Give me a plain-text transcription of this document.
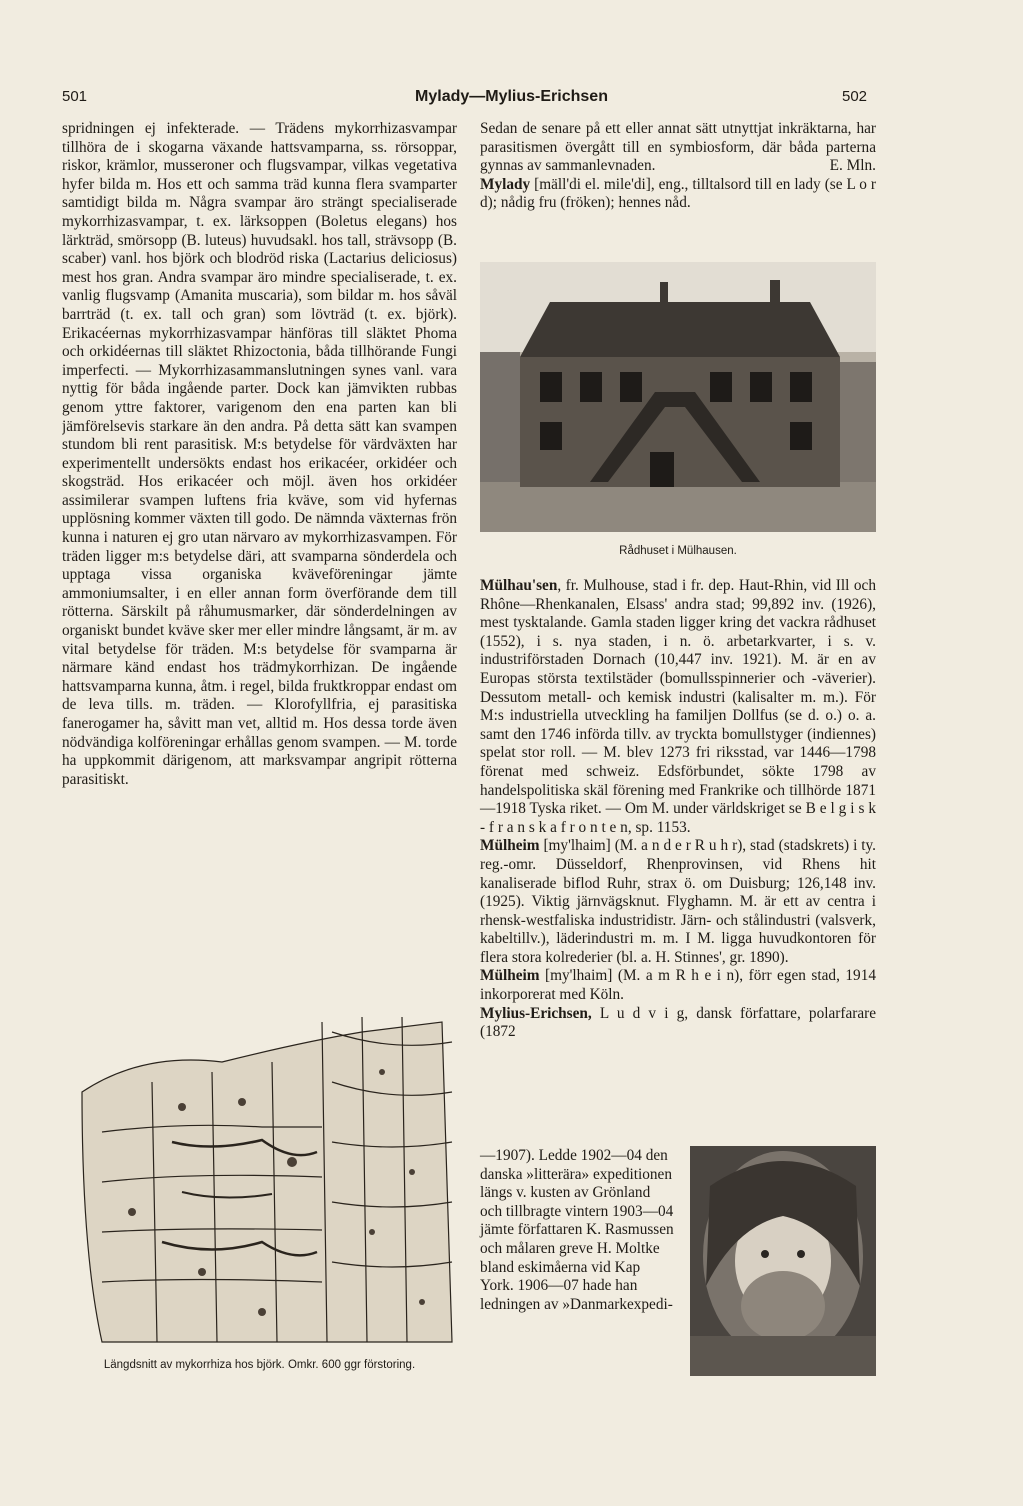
501	Mylady—Mylius-Erichsen	502

spridningen ej infekterade. — Trädens mykorrhizasvampar tillhöra de i skogarna växande hattsvamparna, ss. rörsoppar, riskor, krämlor, musseroner och flugsvampar, vilkas vegetativa hyfer bilda m. Hos ett och samma träd kunna flera svamparter samtidigt bilda m. Några svampar äro strängt specialiserade mykorrhizasvampar, t. ex. lärksoppen (Boletus elegans) hos lärkträd, smörsopp (B. luteus) huvudsakl. hos tall, strävsopp (B. scaber) vanl. hos björk och blodröd riska (Lactarius deliciosus) mest hos gran. Andra svampar äro mindre specialiserade, t. ex. vanlig flugsvamp (Amanita muscaria), som bildar m. hos såväl barrträd (t. ex. tall och gran) som lövträd (t. ex. björk). Erikacéernas mykorrhizasvampar hänföras till släktet Phoma och orkidéernas till släktet Rhizoctonia, båda tillhörande Fungi imperfecti. — Mykorrhizasammanslutningen synes vanl. vara nyttig för båda ingående parter. Dock kan jämvikten rubbas genom yttre faktorer, varigenom den ena parten kan bli jämförelsevis starkare än den andra. På detta sätt kan svampen stundom bli rent parasitisk. M:s betydelse för värdväxten har experimentellt undersökts endast hos erikacéer, orkidéer och skogsträd. Hos erikacéer och möjl. även hos orkidéer assimilerar svampen luftens fria kväve, som vid hyfernas upplösning kommer växten till godo. De nämnda växternas frön kunna i naturen ej gro utan närvaro av mykorrhizasvampen. För träden ligger m:s betydelse däri, att svamparna sönderdela och upptaga vissa organiska kväveföreningar jämte ammoniumsalter, i en eller annan form överförande dem till rötterna. Särskilt på råhumusmarker, där sönderdelningen av organiskt bundet kväve sker mer eller mindre långsamt, är m. av vital betydelse för träden. M:s betydelse för svamparna är närmare känd endast hos trädmykorrhizan. De ingående hattsvamparna kunna, åtm. i regel, bilda fruktkroppar endast om de leva tills. m. träden. — Klorofyllfria, ej parasitiska fanerogamer ha, såvitt man vet, alltid m. Hos dessa torde även nödvändiga kolföreningar erhållas genom svampen. — M. torde ha uppkommit därigenom, att marksvampar angripit rötterna parasitiskt.

Längdsnitt av mykorrhiza hos björk. Omkr. 600 ggr förstoring.

Sedan de senare på ett eller annat sätt utnyttjat inkräktarna, har parasitismen övergått till en symbiosform, där båda parterna gynnas av sammanlevnaden.	E. Mln.

Mylady [mäll'di el. mile'di], eng., tilltalsord till en lady (se L o r d); nådig fru (fröken); hennes nåd.

Rådhuset i Mülhausen.

Mülhau'sen, fr. Mulhouse, stad i fr. dep. Haut-Rhin, vid Ill och Rhône—Rhenkanalen, Elsass' andra stad; 99,892 inv. (1926), mest tysktalande. Gamla staden ligger kring det vackra rådhuset (1552), i s. nya staden, i n. ö. arbetarkvarter, i s. v. industriförstaden Dornach (10,447 inv. 1921). M. är en av Europas största textilstäder (bomullsspinnerier och -väverier). Dessutom metall- och kemisk industri (kalisalter m. m.). För M:s industriella utveckling ha familjen Dollfus (se d. o.) o. a. samt den 1746 införda tillv. av tryckta bomullstyger (indiennes) spelat stor roll. — M. blev 1273 fri riksstad, var 1446—1798 förenat med schweiz. Edsförbundet, sökte 1798 av handelspolitiska skäl förening med Frankrike och tillhörde 1871—1918 Tyska riket. — Om M. under världskriget se B e l g i s k - f r a n s k a f r o n t e n, sp. 1153.

Mülheim [my'lhaim] (M. a n d e r R u h r), stad (stadskrets) i ty. reg.-omr. Düsseldorf, Rhenprovinsen, vid Rhens hit kanaliserade biflod Ruhr, strax ö. om Duisburg; 126,148 inv. (1925). Viktig järnvägsknut. Flyghamn. M. är ett av centra i rhensk-westfaliska industridistr. Järn- och stålindustri (valsverk, kabeltillv.), läderindustri m. m. I M. ligga huvudkontoren för flera stora kolrederier (bl. a. H. Stinnes', gr. 1890).

Mülheim [my'lhaim] (M. a m R h e i n), förr egen stad, 1914 inkorporerat med Köln.

Mylius-Erichsen, L u d v i g, dansk författare, polarfarare (1872

—1907). Ledde 1902—04 den danska »litterära» expeditionen längs v. kusten av Grönland och tillbragte vintern 1903—04 jämte författaren K. Rasmussen och målaren greve H. Moltke bland eskimåerna vid Kap York. 1906—07 hade han ledningen av »Danmarkexpedi-
